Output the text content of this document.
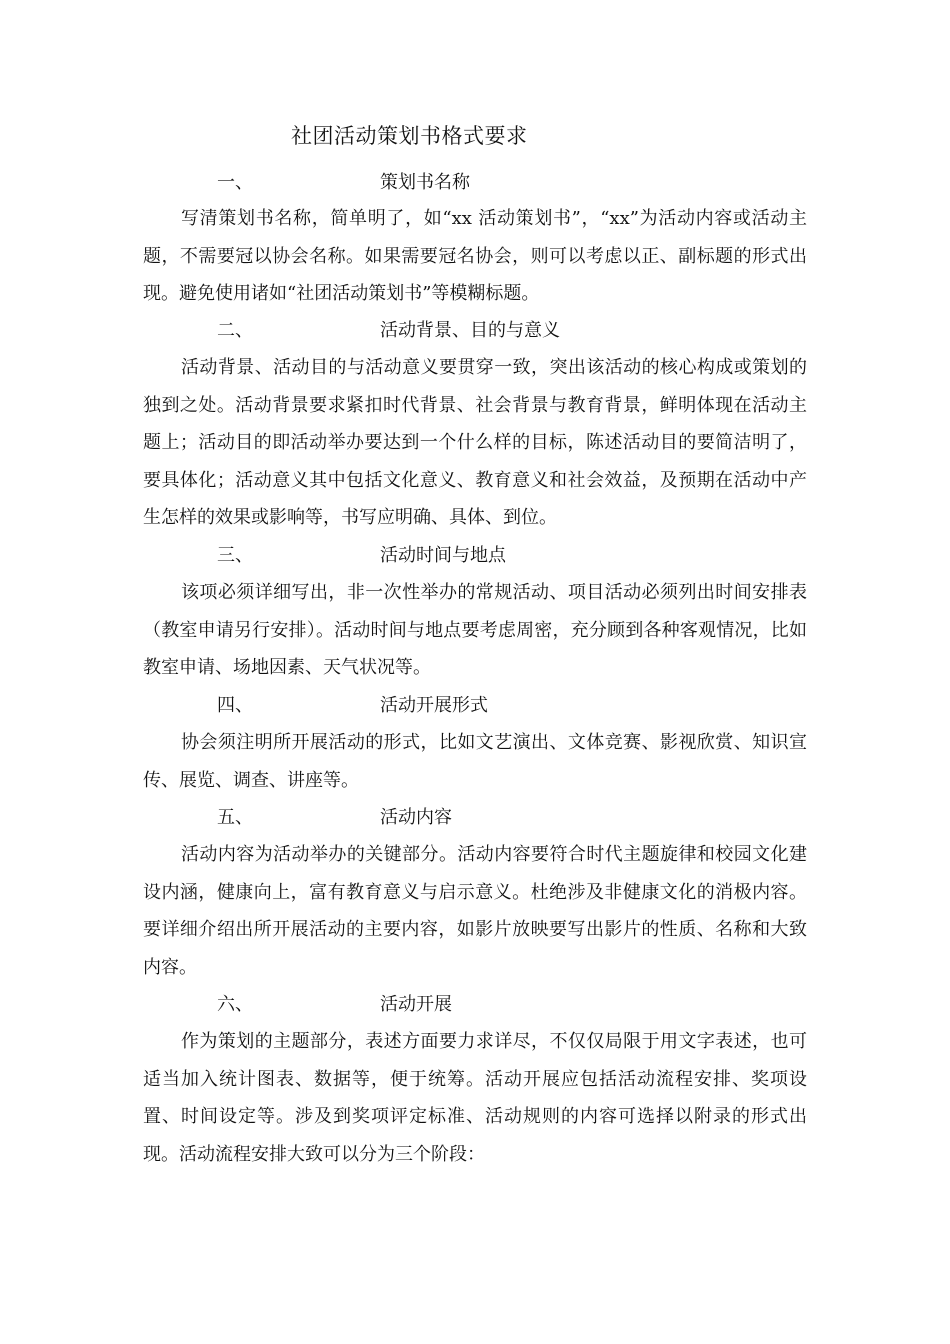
社团活动策划书格式要求
一、	策划书名称

写清策划书名称，简单明了，如“xx 活动策划书”，“xx”为活动内容或活动主题，不需要冠以协会名称。如果需要冠名协会，则可以考虑以正、副标题的形式出现。避免使用诸如“社团活动策划书”等模糊标题。

二、	活动背景、目的与意义

活动背景、活动目的与活动意义要贯穿一致，突出该活动的核心构成或策划的独到之处。活动背景要求紧扣时代背景、社会背景与教育背景，鲜明体现在活动主题上；活动目的即活动举办要达到一个什么样的目标，陈述活动目的要简洁明了，要具体化；活动意义其中包括文化意义、教育意义和社会效益，及预期在活动中产生怎样的效果或影响等，书写应明确、具体、到位。

三、	活动时间与地点

该项必须详细写出，非一次性举办的常规活动、项目活动必须列出时间安排表（教室申请另行安排）。活动时间与地点要考虑周密，充分顾到各种客观情况，比如教室申请、场地因素、天气状况等。

四、	活动开展形式

协会须注明所开展活动的形式，比如文艺演出、文体竞赛、影视欣赏、知识宣传、展览、调查、讲座等。

五、	活动内容

活动内容为活动举办的关键部分。活动内容要符合时代主题旋律和校园文化建设内涵，健康向上，富有教育意义与启示意义。杜绝涉及非健康文化的消极内容。要详细介绍出所开展活动的主要内容，如影片放映要写出影片的性质、名称和大致内容。

六、	活动开展

作为策划的主题部分，表述方面要力求详尽，不仅仅局限于用文字表述，也可适当加入统计图表、数据等，便于统筹。活动开展应包括活动流程安排、奖项设置、时间设定等。涉及到奖项评定标准、活动规则的内容可选择以附录的形式出现。活动流程安排大致可以分为三个阶段：
